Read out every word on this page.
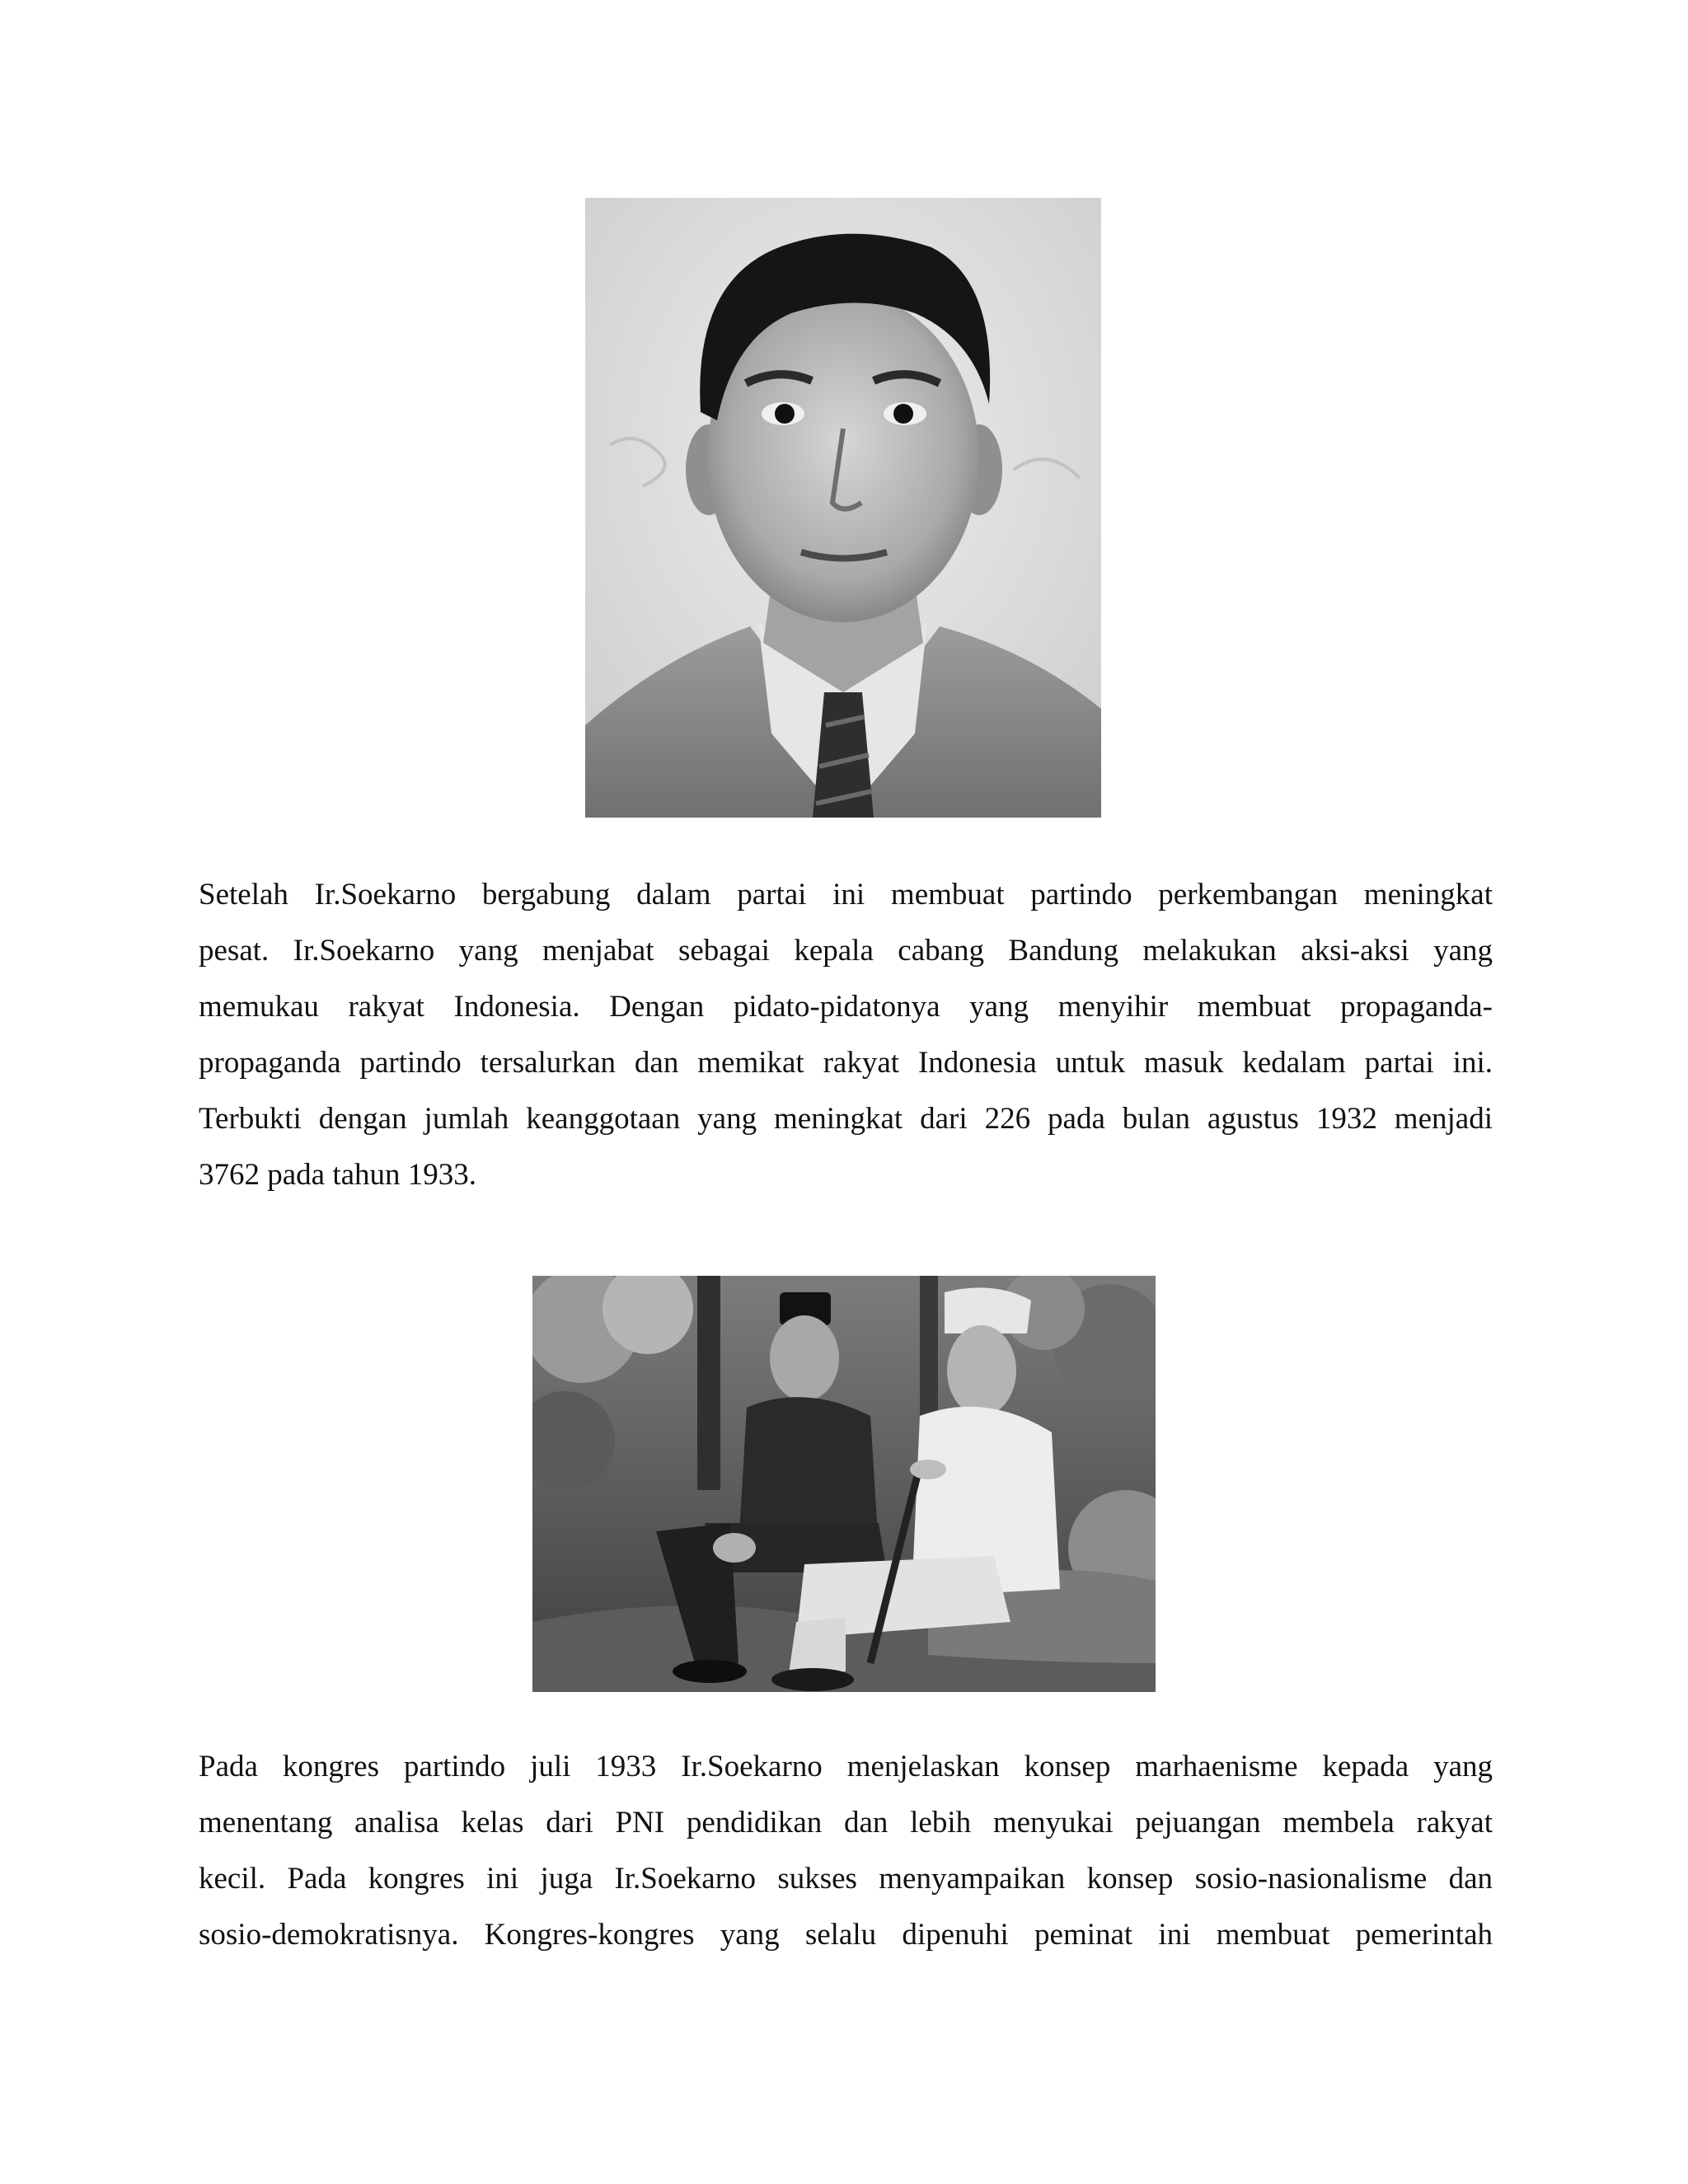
Setelah Ir.Soekarno bergabung dalam partai ini membuat partindo perkembangan meningkat
pesat. Ir.Soekarno yang menjabat sebagai kepala cabang Bandung melakukan aksi-aksi yang
memukau rakyat Indonesia. Dengan pidato-pidatonya yang menyihir membuat propaganda-
propaganda partindo tersalurkan dan memikat rakyat Indonesia untuk masuk kedalam partai ini.
Terbukti dengan jumlah keanggotaan yang meningkat dari 226 pada bulan agustus 1932 menjadi
3762 pada tahun 1933.
Pada kongres partindo juli 1933 Ir.Soekarno menjelaskan konsep marhaenisme kepada yang
menentang analisa kelas dari PNI pendidikan dan lebih menyukai pejuangan membela rakyat
kecil. Pada kongres ini juga Ir.Soekarno sukses menyampaikan konsep sosio-nasionalisme dan
sosio-demokratisnya. Kongres-kongres yang selalu dipenuhi peminat ini membuat pemerintah
